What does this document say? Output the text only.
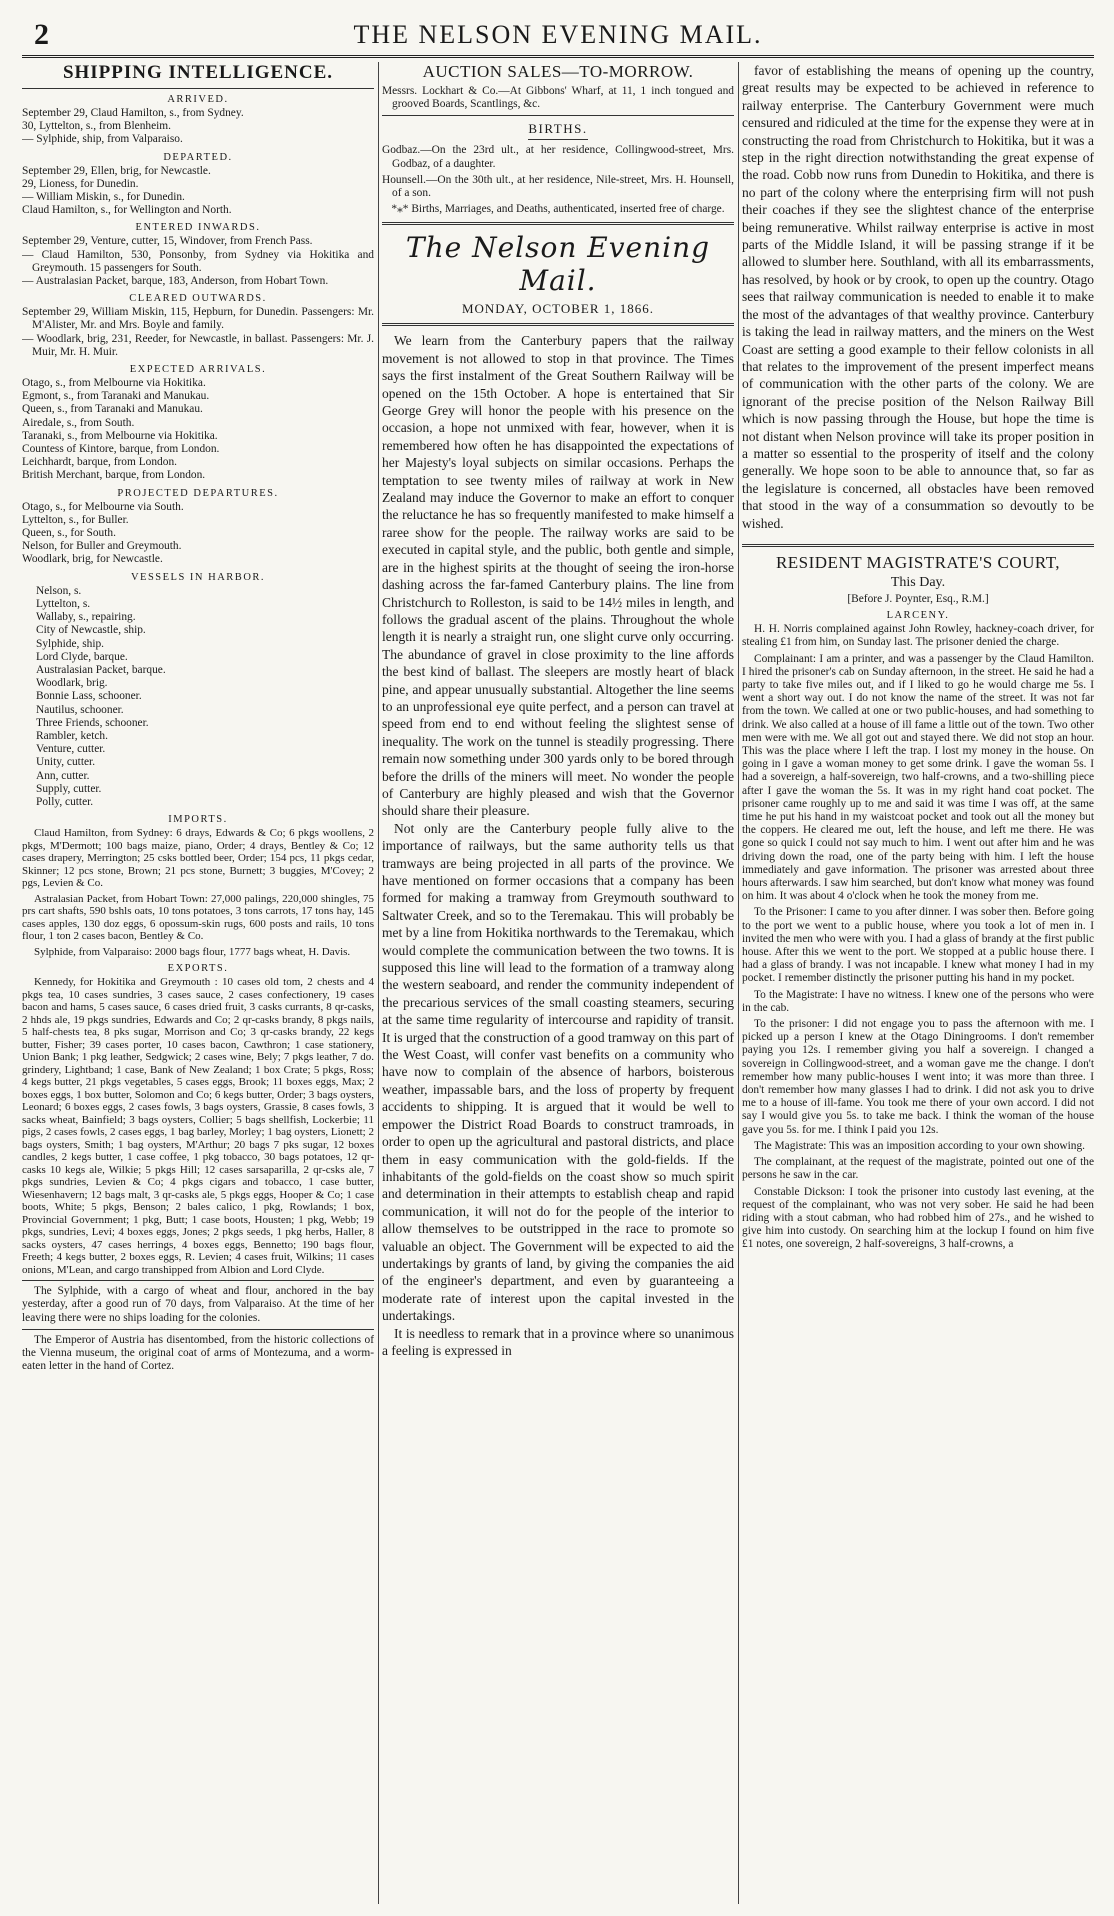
2	THE NELSON EVENING MAIL.
SHIPPING INTELLIGENCE.
ARRIVED.
September 29, Claud Hamilton, s., from Sydney.
30, Lyttelton, s., from Blenheim.
— Sylphide, ship, from Valparaiso.
DEPARTED.
September 29, Ellen, brig, for Newcastle.
29, Lioness, for Dunedin.
— William Miskin, s., for Dunedin.
Claud Hamilton, s., for Wellington and North.
ENTERED INWARDS.
September 29, Venture, cutter, 15, Windover, from French Pass.
— Claud Hamilton, 530, Ponsonby, from Sydney via Hokitika and Greymouth. 15 passengers for South.
— Australasian Packet, barque, 183, Anderson, from Hobart Town.
CLEARED OUTWARDS.
September 29, William Miskin, 115, Hepburn, for Dunedin. Passengers: Mr. M'Alister, Mr. and Mrs. Boyle and family.
— Woodlark, brig, 231, Reeder, for Newcastle, in ballast. Passengers: Mr. J. Muir, Mr. H. Muir.
EXPECTED ARRIVALS.
Otago, s., from Melbourne via Hokitika.
Egmont, s., from Taranaki and Manukau.
Queen, s., from Taranaki and Manukau.
Airedale, s., from South.
Taranaki, s., from Melbourne via Hokitika.
Countess of Kintore, barque, from London.
Leichhardt, barque, from London.
British Merchant, barque, from London.
PROJECTED DEPARTURES.
Otago, s., for Melbourne via South.
Lyttelton, s., for Buller.
Queen, s., for South.
Nelson, for Buller and Greymouth.
Woodlark, brig, for Newcastle.
VESSELS IN HARBOR.
Nelson, s.
Lyttelton, s.
Wallaby, s., repairing.
City of Newcastle, ship.
Sylphide, ship.
Lord Clyde, barque.
Australasian Packet, barque.
Woodlark, brig.
Bonnie Lass, schooner.
Nautilus, schooner.
Three Friends, schooner.
Rambler, ketch.
Venture, cutter.
Unity, cutter.
Ann, cutter.
Supply, cutter.
Polly, cutter.
IMPORTS.
Claud Hamilton, from Sydney: 6 drays, Edwards & Co; 6 pkgs woollens, 2 pkgs, M'Dermott; 100 bags maize, piano, Order; 4 drays, Bentley & Co; 12 cases drapery, Merrington; 25 csks bottled beer, Order; 154 pcs, 11 pkgs cedar, Skinner; 12 pcs stone, Brown; 21 pcs stone, Burnett; 3 buggies, M'Covey; 2 pgs, Levien & Co.
Astralasian Packet, from Hobart Town: 27,000 palings, 220,000 shingles, 75 prs cart shafts, 590 bshls oats, 10 tons potatoes, 3 tons carrots, 17 tons hay, 145 cases apples, 130 doz eggs, 6 opossum-skin rugs, 600 posts and rails, 10 tons flour, 1 ton 2 cases bacon, Bentley & Co.
Sylphide, from Valparaiso: 2000 bags flour, 1777 bags wheat, H. Davis.
EXPORTS.
Kennedy, for Hokitika and Greymouth : 10 cases old tom, 2 chests and 4 pkgs tea, 10 cases sundries, 3 cases sauce, 2 cases confectionery, 19 cases bacon and hams, 5 cases sauce, 6 cases dried fruit, 3 casks currants, 8 qr-casks, 2 hhds ale, 19 pkgs sundries, Edwards and Co; 2 qr-casks brandy, 8 pkgs nails, 5 half-chests tea, 8 pks sugar, Morrison and Co; 3 qr-casks brandy, 22 kegs butter, Fisher; 39 cases porter, 10 cases bacon, Cawthron; 1 case stationery, Union Bank; 1 pkg leather, Sedgwick; 2 cases wine, Bely; 7 pkgs leather, 7 do. grindery, Lightband; 1 case, Bank of New Zealand; 1 box Crate; 5 pkgs, Ross; 4 kegs butter, 21 pkgs vegetables, 5 cases eggs, Brook; 11 boxes eggs, Max; 2 boxes eggs, 1 box butter, Solomon and Co; 6 kegs butter, Order; 3 bags oysters, Leonard; 6 boxes eggs, 2 cases fowls, 3 bags oysters, Grassie, 8 cases fowls, 3 sacks wheat, Bainfield; 3 bags oysters, Collier; 5 bags shellfish, Lockerbie; 11 pigs, 2 cases fowls, 2 cases eggs, 1 bag barley, Morley; 1 bag oysters, Lionett; 2 bags oysters, Smith; 1 bag oysters, M'Arthur; 20 bags 7 pks sugar, 12 boxes candles, 2 kegs butter, 1 case coffee, 1 pkg tobacco, 30 bags potatoes, 12 qr-casks 10 kegs ale, Wilkie; 5 pkgs Hill; 12 cases sarsaparilla, 2 qr-csks ale, 7 pkgs sundries, Levien & Co; 4 pkgs cigars and tobacco, 1 case butter, Wiesenhavern; 12 bags malt, 3 qr-casks ale, 5 pkgs eggs, Hooper & Co; 1 case boots, White; 5 pkgs, Benson; 2 bales calico, 1 pkg, Rowlands; 1 box, Provincial Government; 1 pkg, Butt; 1 case boots, Housten; 1 pkg, Webb; 19 pkgs, sundries, Levi; 4 boxes eggs, Jones; 2 pkgs seeds, 1 pkg herbs, Haller, 8 sacks oysters, 47 cases herrings, 4 boxes eggs, Bennetto; 190 bags flour, Freeth; 4 kegs butter, 2 boxes eggs, R. Levien; 4 cases fruit, Wilkins; 11 cases onions, M'Lean, and cargo transhipped from Albion and Lord Clyde.
The Sylphide, with a cargo of wheat and flour, anchored in the bay yesterday, after a good run of 70 days, from Valparaiso. At the time of her leaving there were no ships loading for the colonies.
The Emperor of Austria has disentombed, from the historic collections of the Vienna museum, the original coat of arms of Montezuma, and a worm-eaten letter in the hand of Cortez.
AUCTION SALES—TO-MORROW.
Messrs. Lockhart & Co.—At Gibbons' Wharf, at 11, 1 inch tongued and grooved Boards, Scantlings, &c.
BIRTHS.
Godbaz.—On the 23rd ult., at her residence, Collingwood-street, Mrs. Godbaz, of a daughter.
Hounsell.—On the 30th ult., at her residence, Nile-street, Mrs. H. Hounsell, of a son.
*⁎* Births, Marriages, and Deaths, authenticated, inserted free of charge.
The Nelson Evening Mail.
MONDAY, OCTOBER 1, 1866.
We learn from the Canterbury papers that the railway movement is not allowed to stop in that province. The Times says the first instalment of the Great Southern Railway will be opened on the 15th October. A hope is entertained that Sir George Grey will honor the people with his presence on the occasion, a hope not unmixed with fear, however, when it is remembered how often he has disappointed the expectations of her Majesty's loyal subjects on similar occasions. Perhaps the temptation to see twenty miles of railway at work in New Zealand may induce the Governor to make an effort to conquer the reluctance he has so frequently manifested to make himself a raree show for the people. The railway works are said to be executed in capital style, and the public, both gentle and simple, are in the highest spirits at the thought of seeing the iron-horse dashing across the far-famed Canterbury plains. The line from Christchurch to Rolleston, is said to be 14½ miles in length, and follows the gradual ascent of the plains. Throughout the whole length it is nearly a straight run, one slight curve only occurring. The abundance of gravel in close proximity to the line affords the best kind of ballast. The sleepers are mostly heart of black pine, and appear unusually substantial. Altogether the line seems to an unprofessional eye quite perfect, and a person can travel at speed from end to end without feeling the slightest sense of inequality. The work on the tunnel is steadily progressing. There remain now something under 300 yards only to be bored through before the drills of the miners will meet. No wonder the people of Canterbury are highly pleased and wish that the Governor should share their pleasure.
Not only are the Canterbury people fully alive to the importance of railways, but the same authority tells us that tramways are being projected in all parts of the province. We have mentioned on former occasions that a company has been formed for making a tramway from Greymouth southward to Saltwater Creek, and so to the Teremakau. This will probably be met by a line from Hokitika northwards to the Teremakau, which would complete the communication between the two towns. It is supposed this line will lead to the formation of a tramway along the western seaboard, and render the community independent of the precarious services of the small coasting steamers, securing at the same time regularity of intercourse and rapidity of transit. It is urged that the construction of a good tramway on this part of the West Coast, will confer vast benefits on a community who have now to complain of the absence of harbors, boisterous weather, impassable bars, and the loss of property by frequent accidents to shipping. It is argued that it would be well to empower the District Road Boards to construct tramroads, in order to open up the agricultural and pastoral districts, and place them in easy communication with the gold-fields. If the inhabitants of the gold-fields on the coast show so much spirit and determination in their attempts to establish cheap and rapid communication, it will not do for the people of the interior to allow themselves to be outstripped in the race to promote so valuable an object. The Government will be expected to aid the undertakings by grants of land, by giving the companies the aid of the engineer's department, and even by guaranteeing a moderate rate of interest upon the capital invested in the undertakings.
It is needless to remark that in a province where so unanimous a feeling is expressed in
favor of establishing the means of opening up the country, great results may be expected to be achieved in reference to railway enterprise. The Canterbury Government were much censured and ridiculed at the time for the expense they were at in constructing the road from Christchurch to Hokitika, but it was a step in the right direction notwithstanding the great expense of the road. Cobb now runs from Dunedin to Hokitika, and there is no part of the colony where the enterprising firm will not push their coaches if they see the slightest chance of the enterprise being remunerative. Whilst railway enterprise is active in most parts of the Middle Island, it will be passing strange if it be allowed to slumber here. Southland, with all its embarrassments, has resolved, by hook or by crook, to open up the country. Otago sees that railway communication is needed to enable it to make the most of the advantages of that wealthy province. Canterbury is taking the lead in railway matters, and the miners on the West Coast are setting a good example to their fellow colonists in all that relates to the improvement of the present imperfect means of communication with the other parts of the colony. We are ignorant of the precise position of the Nelson Railway Bill which is now passing through the House, but hope the time is not distant when Nelson province will take its proper position in a matter so essential to the prosperity of itself and the colony generally. We hope soon to be able to announce that, so far as the legislature is concerned, all obstacles have been removed that stood in the way of a consummation so devoutly to be wished.
RESIDENT MAGISTRATE'S COURT,
This Day.
[Before J. Poynter, Esq., R.M.]
LARCENY.
H. H. Norris complained against John Rowley, hackney-coach driver, for stealing £1 from him, on Sunday last. The prisoner denied the charge.
Complainant: I am a printer, and was a passenger by the Claud Hamilton. I hired the prisoner's cab on Sunday afternoon, in the street. He said he had a party to take five miles out, and if I liked to go he would charge me 5s. I went a short way out. I do not know the name of the street. It was not far from the town. We called at one or two public-houses, and had something to drink. We also called at a house of ill fame a little out of the town. Two other men were with me. We all got out and stayed there. We did not stop an hour. This was the place where I left the trap. I lost my money in the house. On going in I gave a woman money to get some drink. I gave the woman 5s. I had a sovereign, a half-sovereign, two half-crowns, and a two-shilling piece after I gave the woman the 5s. It was in my right hand coat pocket. The prisoner came roughly up to me and said it was time I was off, at the same time he put his hand in my waistcoat pocket and took out all the money but the coppers. He cleared me out, left the house, and left me there. He was gone so quick I could not say much to him. I went out after him and he was driving down the road, one of the party being with him. I left the house immediately and gave information. The prisoner was arrested about three hours afterwards. I saw him searched, but don't know what money was found on him. It was about 4 o'clock when he took the money from me.
To the Prisoner: I came to you after dinner. I was sober then. Before going to the port we went to a public house, where you took a lot of men in. I invited the men who were with you. I had a glass of brandy at the first public house. After this we went to the port. We stopped at a public house there. I had a glass of brandy. I was not incapable. I knew what money I had in my pocket. I remember distinctly the prisoner putting his hand in my pocket.
To the Magistrate: I have no witness. I knew one of the persons who were in the cab.
To the prisoner: I did not engage you to pass the afternoon with me. I picked up a person I knew at the Otago Diningrooms. I don't remember paying you 12s. I remember giving you half a sovereign. I changed a sovereign in Collingwood-street, and a woman gave me the change. I don't remember how many public-houses I went into; it was more than three. I don't remember how many glasses I had to drink. I did not ask you to drive me to a house of ill-fame. You took me there of your own accord. I did not say I would give you 5s. to take me back. I think the woman of the house gave you 5s. for me. I think I paid you 12s.
The Magistrate: This was an imposition according to your own showing.
The complainant, at the request of the magistrate, pointed out one of the persons he saw in the car.
Constable Dickson: I took the prisoner into custody last evening, at the request of the complainant, who was not very sober. He said he had been riding with a stout cabman, who had robbed him of 27s., and he wished to give him into custody. On searching him at the lockup I found on him five £1 notes, one sovereign, 2 half-sovereigns, 3 half-crowns, a
